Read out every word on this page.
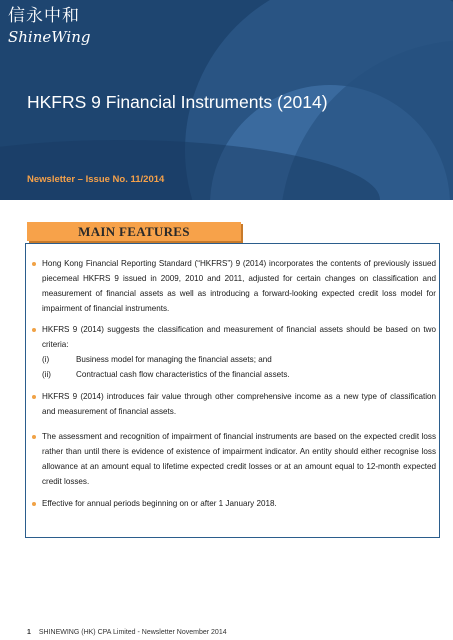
信永中和
ShineWing
HKFRS 9 Financial Instruments (2014)
Newsletter – Issue No. 11/2014
MAIN FEATURES
Hong Kong Financial Reporting Standard (“HKFRS”) 9 (2014) incorporates the contents of previously issued piecemeal HKFRS 9 issued in 2009, 2010 and 2011, adjusted for certain changes on classification and measurement of financial assets as well as introducing a forward-looking expected credit loss model for impairment of financial instruments.
HKFRS 9 (2014) suggests the classification and measurement of financial assets should be based on two criteria:
(i)	Business model for managing the financial assets; and
(ii)	Contractual cash flow characteristics of the financial assets.
HKFRS 9 (2014) introduces fair value through other comprehensive income as a new type of classification and measurement of financial assets.
The assessment and recognition of impairment of financial instruments are based on the expected credit loss rather than until there is evidence of existence of impairment indicator. An entity should either recognise loss allowance at an amount equal to lifetime expected credit losses or at an amount equal to 12-month expected credit losses.
Effective for annual periods beginning on or after 1 January 2018.
1 SHINEWING (HK) CPA Limited - Newsletter November 2014
